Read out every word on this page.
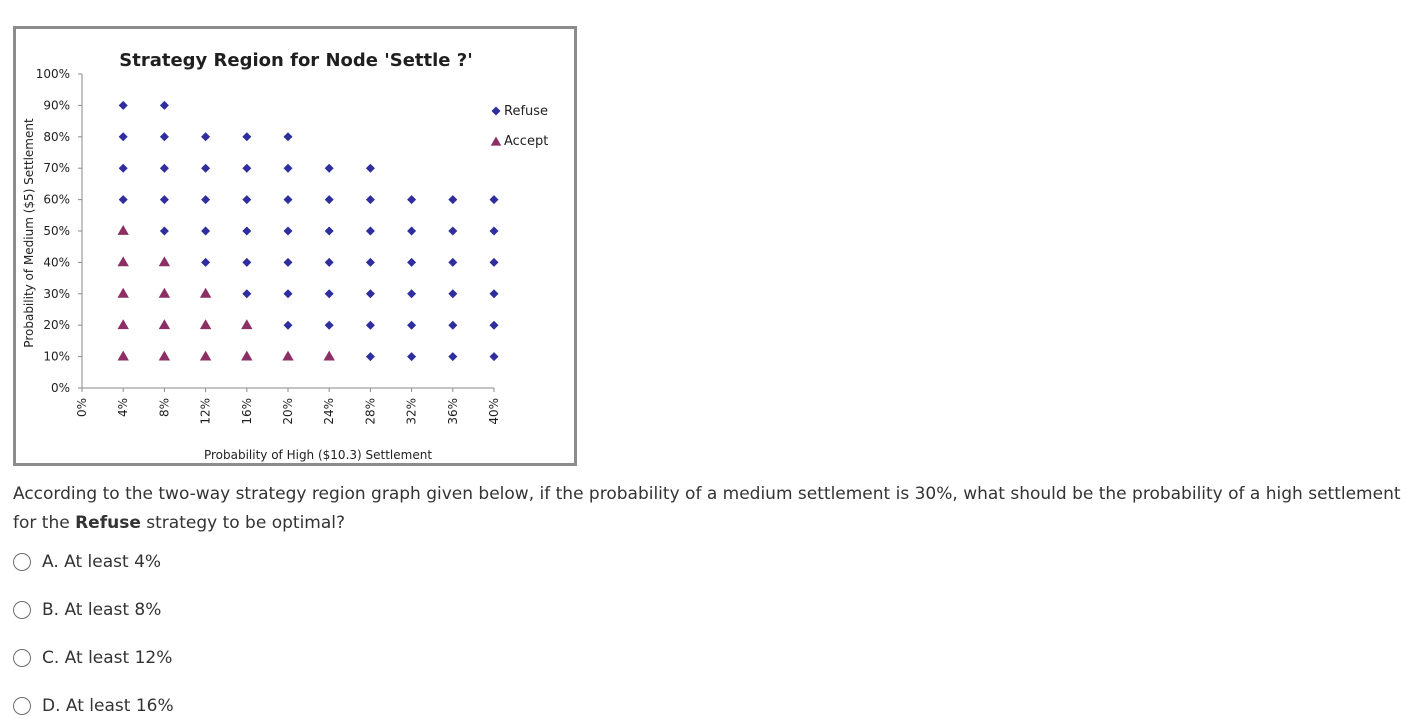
Strategy Region for Node 'Settle ?'
0% 4% 8% 12% 16% 20% 24% 28% 32% 36% 40%
0%
10%
20%
30%
40%
50%
60%
70%
80%
90%
100%
Probability of High ($10.3) Settlement
Probability of Medium ($5) Settlement
Refuse
Accept
According to the two-way strategy region graph given below, if the probability of a medium settlement is 30%, what should be the probability of a high settlement for the Refuse strategy to be optimal?
A. At least 4%
B. At least 8%
C. At least 12%
D. At least 16%
